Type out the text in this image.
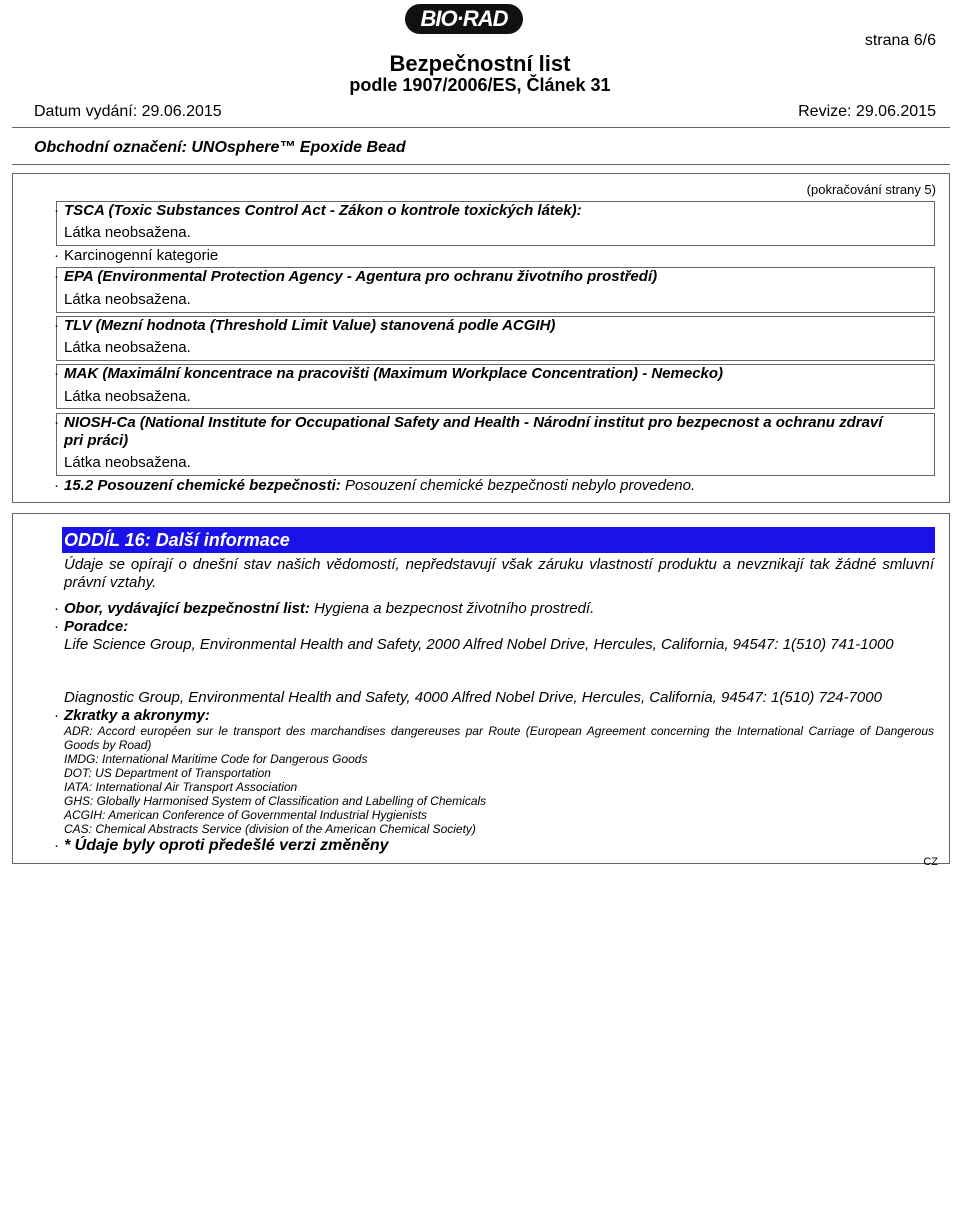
BIO·RAD
strana 6/6
Bezpečnostní list
podle 1907/2006/ES, Článek 31
Datum vydání: 29.06.2015	Revize: 29.06.2015
Obchodní označení: UNOsphere™ Epoxide Bead
(pokračování strany 5)
· TSCA (Toxic Substances Control Act - Zákon o kontrole toxických látek):
Látka neobsažena.
· Karcinogenní kategorie
· EPA (Environmental Protection Agency - Agentura pro ochranu životního prostředí)
Látka neobsažena.
· TLV (Mezní hodnota (Threshold Limit Value) stanovená podle ACGIH)
Látka neobsažena.
· MAK (Maximální koncentrace na pracovišti (Maximum Workplace Concentration) - Nemecko)
Látka neobsažena.
· NIOSH-Ca (National Institute for Occupational Safety and Health - Národní institut pro bezpecnost a ochranu zdraví
pri práci)
Látka neobsažena.
· 15.2 Posouzení chemické bezpečnosti: Posouzení chemické bezpečnosti nebylo provedeno.
ODDÍL 16: Další informace
Údaje se opírají o dnešní stav našich vědomostí, nepředstavují však záruku vlastností produktu a nevznikají tak žádné smluvní právní vztahy.
· Obor, vydávající bezpečnostní list: Hygiena a bezpecnost životního prostredí.
· Poradce:
Life Science Group, Environmental Health and Safety, 2000 Alfred Nobel Drive, Hercules, California, 94547: 1(510) 741-1000
Diagnostic Group, Environmental Health and Safety, 4000 Alfred Nobel Drive, Hercules, California, 94547: 1(510) 724-7000
· Zkratky a akronymy:
ADR: Accord européen sur le transport des marchandises dangereuses par Route (European Agreement concerning the International Carriage of Dangerous Goods by Road)
IMDG: International Maritime Code for Dangerous Goods
DOT: US Department of Transportation
IATA: International Air Transport Association
GHS: Globally Harmonised System of Classification and Labelling of Chemicals
ACGIH: American Conference of Governmental Industrial Hygienists
CAS: Chemical Abstracts Service (division of the American Chemical Society)
· * Údaje byly oproti předešlé verzi změněny
CZ
